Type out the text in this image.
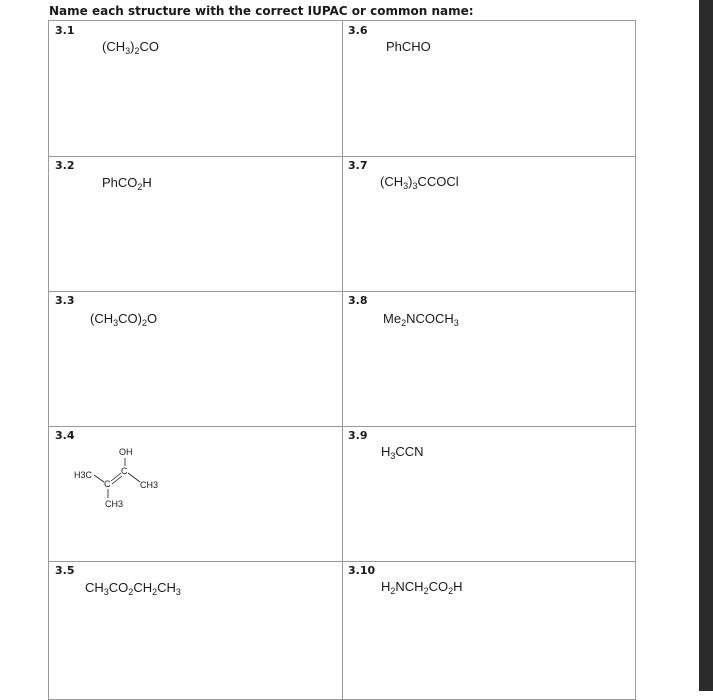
Name each structure with the correct IUPAC or common name:
3.1
$(CH_3)_2CO$
3.2
PhCO$_2$H
3.3
$(CH_3CO)_2O$
3.4
OH
H3C	C
C	CH3
CH3
3.5
$CH_3CO_2CH_2CH_3$
3.6
PhCHO
3.7
$(CH_3)_3CCOCl$
3.8
$Me_2NCOCH_3$
3.9
$H_3CCN$
3.10
$H_2NCH_2CO_2H$
